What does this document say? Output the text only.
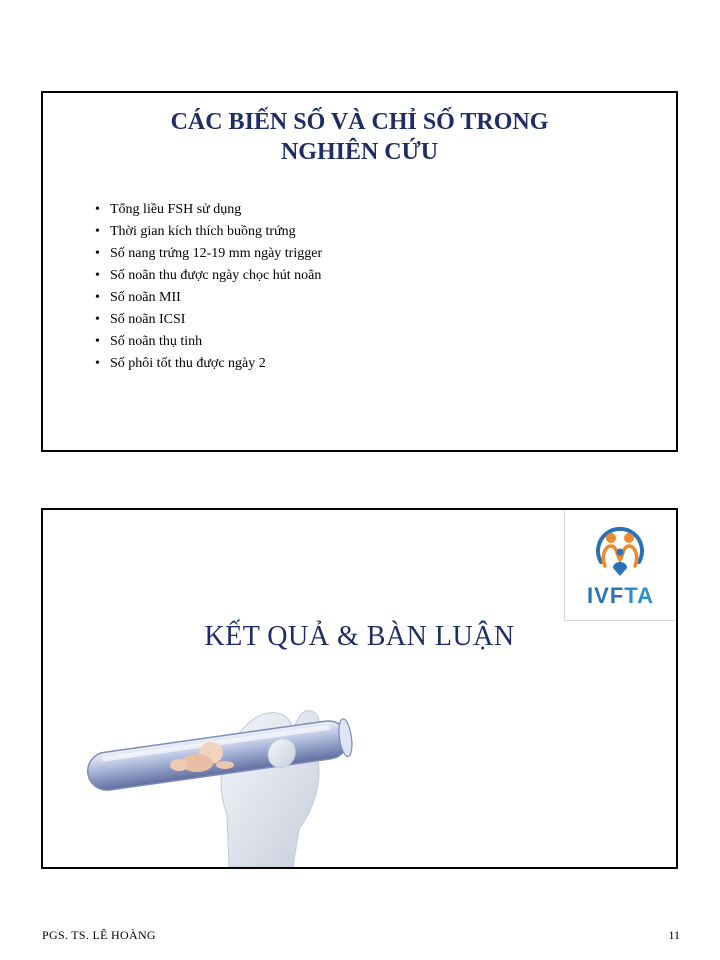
CÁC BIẾN SỐ VÀ CHỈ SỐ TRONG
NGHIÊN CỨU
• Tổng liều FSH sử dụng
• Thời gian kích thích buồng trứng
• Số nang trứng 12-19 mm ngày trigger
• Số noãn thu được ngày chọc hút noãn
• Số noãn MII
• Số noãn ICSI
• Số noãn thụ tinh
• Số phôi tốt thu được ngày 2
IVFTA
KẾT QUẢ & BÀN LUẬN
PGS. TS. LÊ HOÀNG	11
